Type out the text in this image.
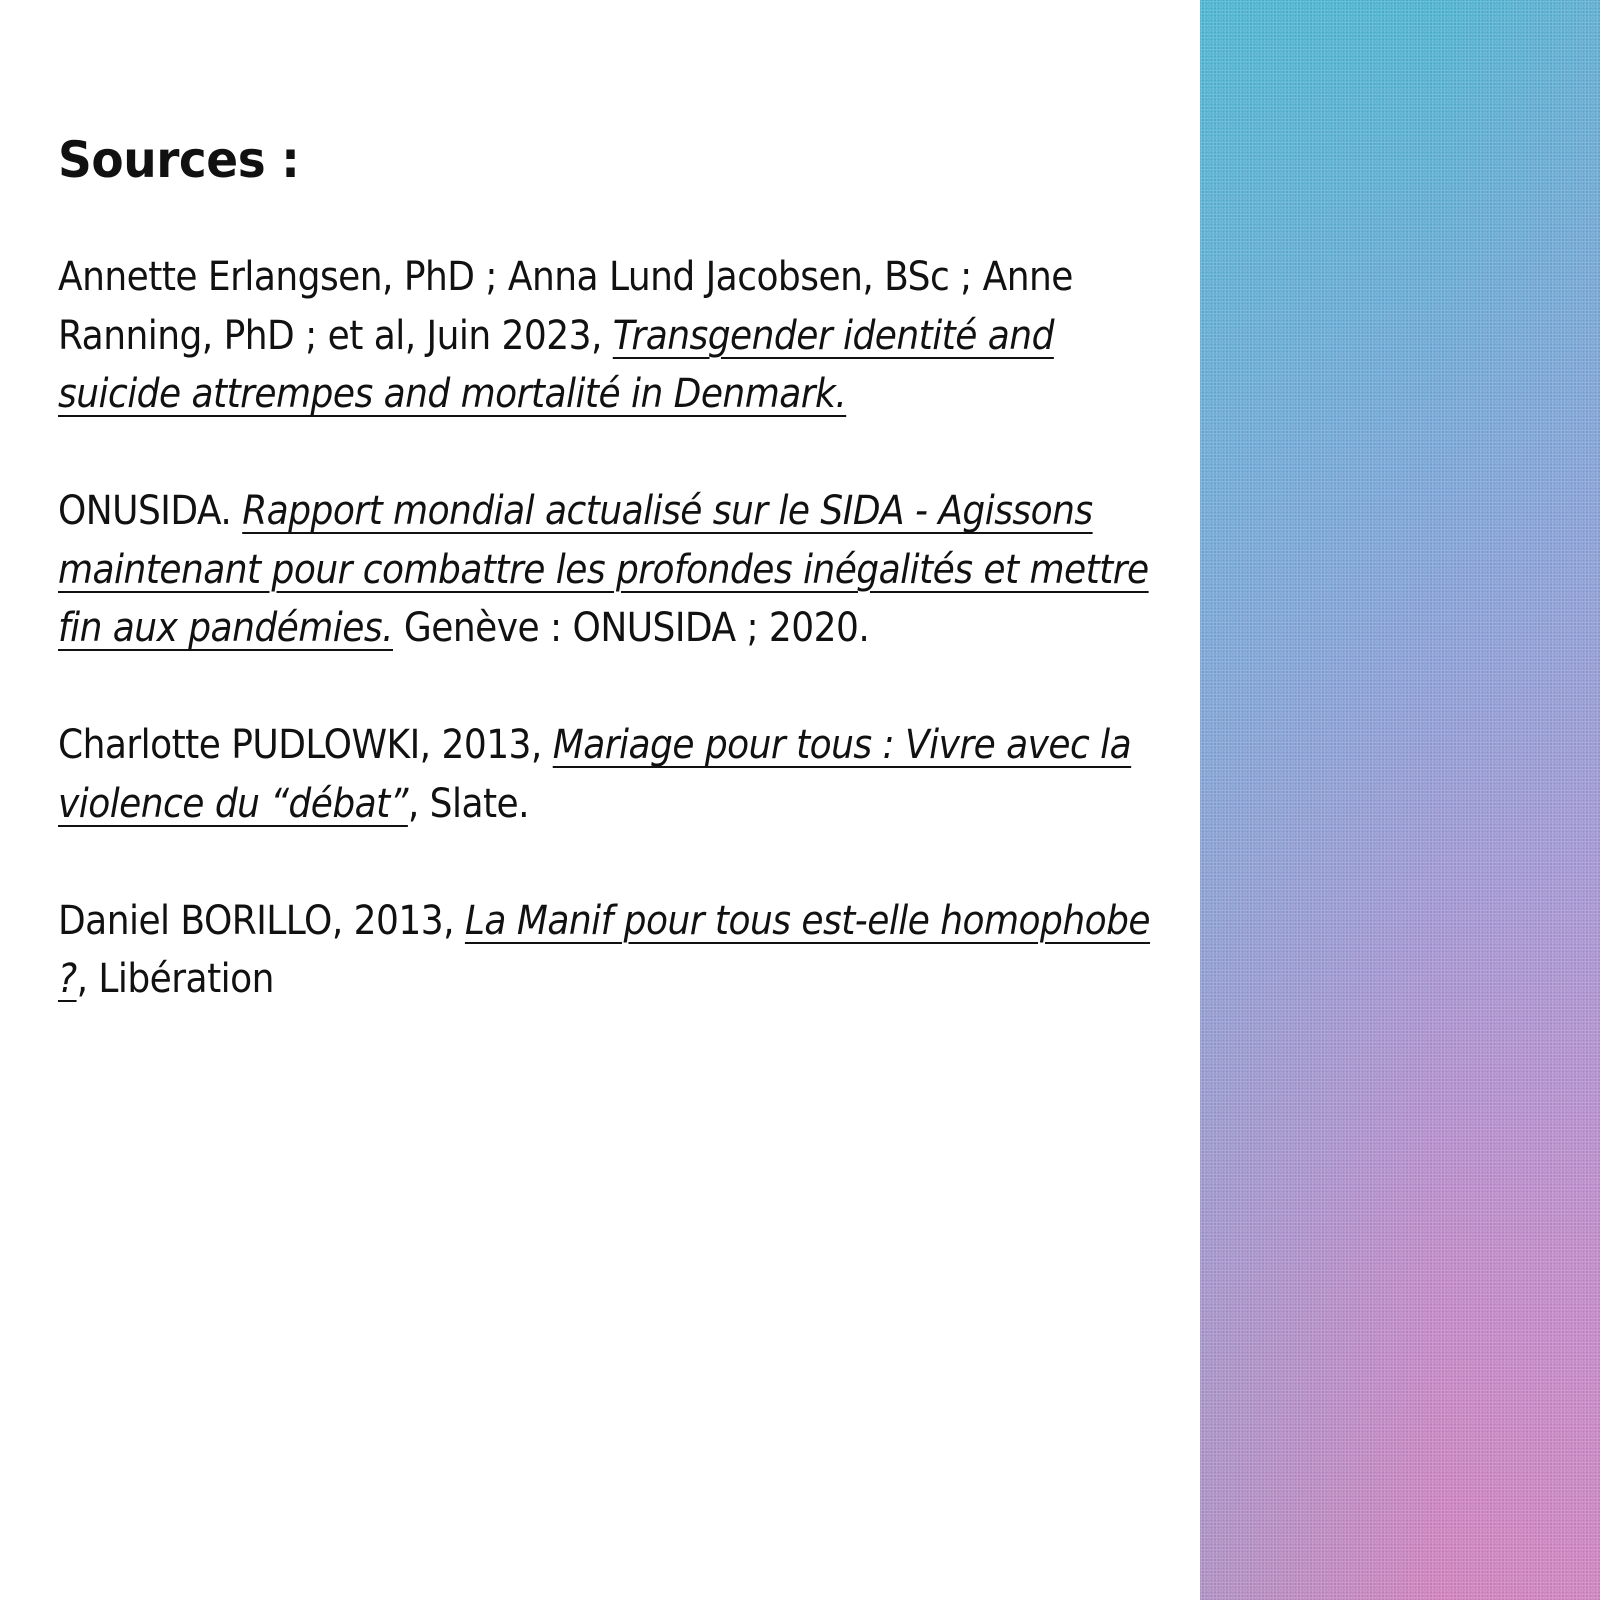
Sources :

Annette Erlangsen, PhD ; Anna Lund Jacobsen, BSc ; Anne Ranning, PhD ; et al, Juin 2023, Transgender identité and suicide attrempes and mortalité in Denmark.

ONUSIDA. Rapport mondial actualisé sur le SIDA - Agissons maintenant pour combattre les profondes inégalités et mettre fin aux pandémies. Genève : ONUSIDA ; 2020.

Charlotte PUDLOWKI, 2013, Mariage pour tous : Vivre avec la violence du “débat”, Slate.

Daniel BORILLO, 2013, La Manif pour tous est-elle homophobe ?, Libération
